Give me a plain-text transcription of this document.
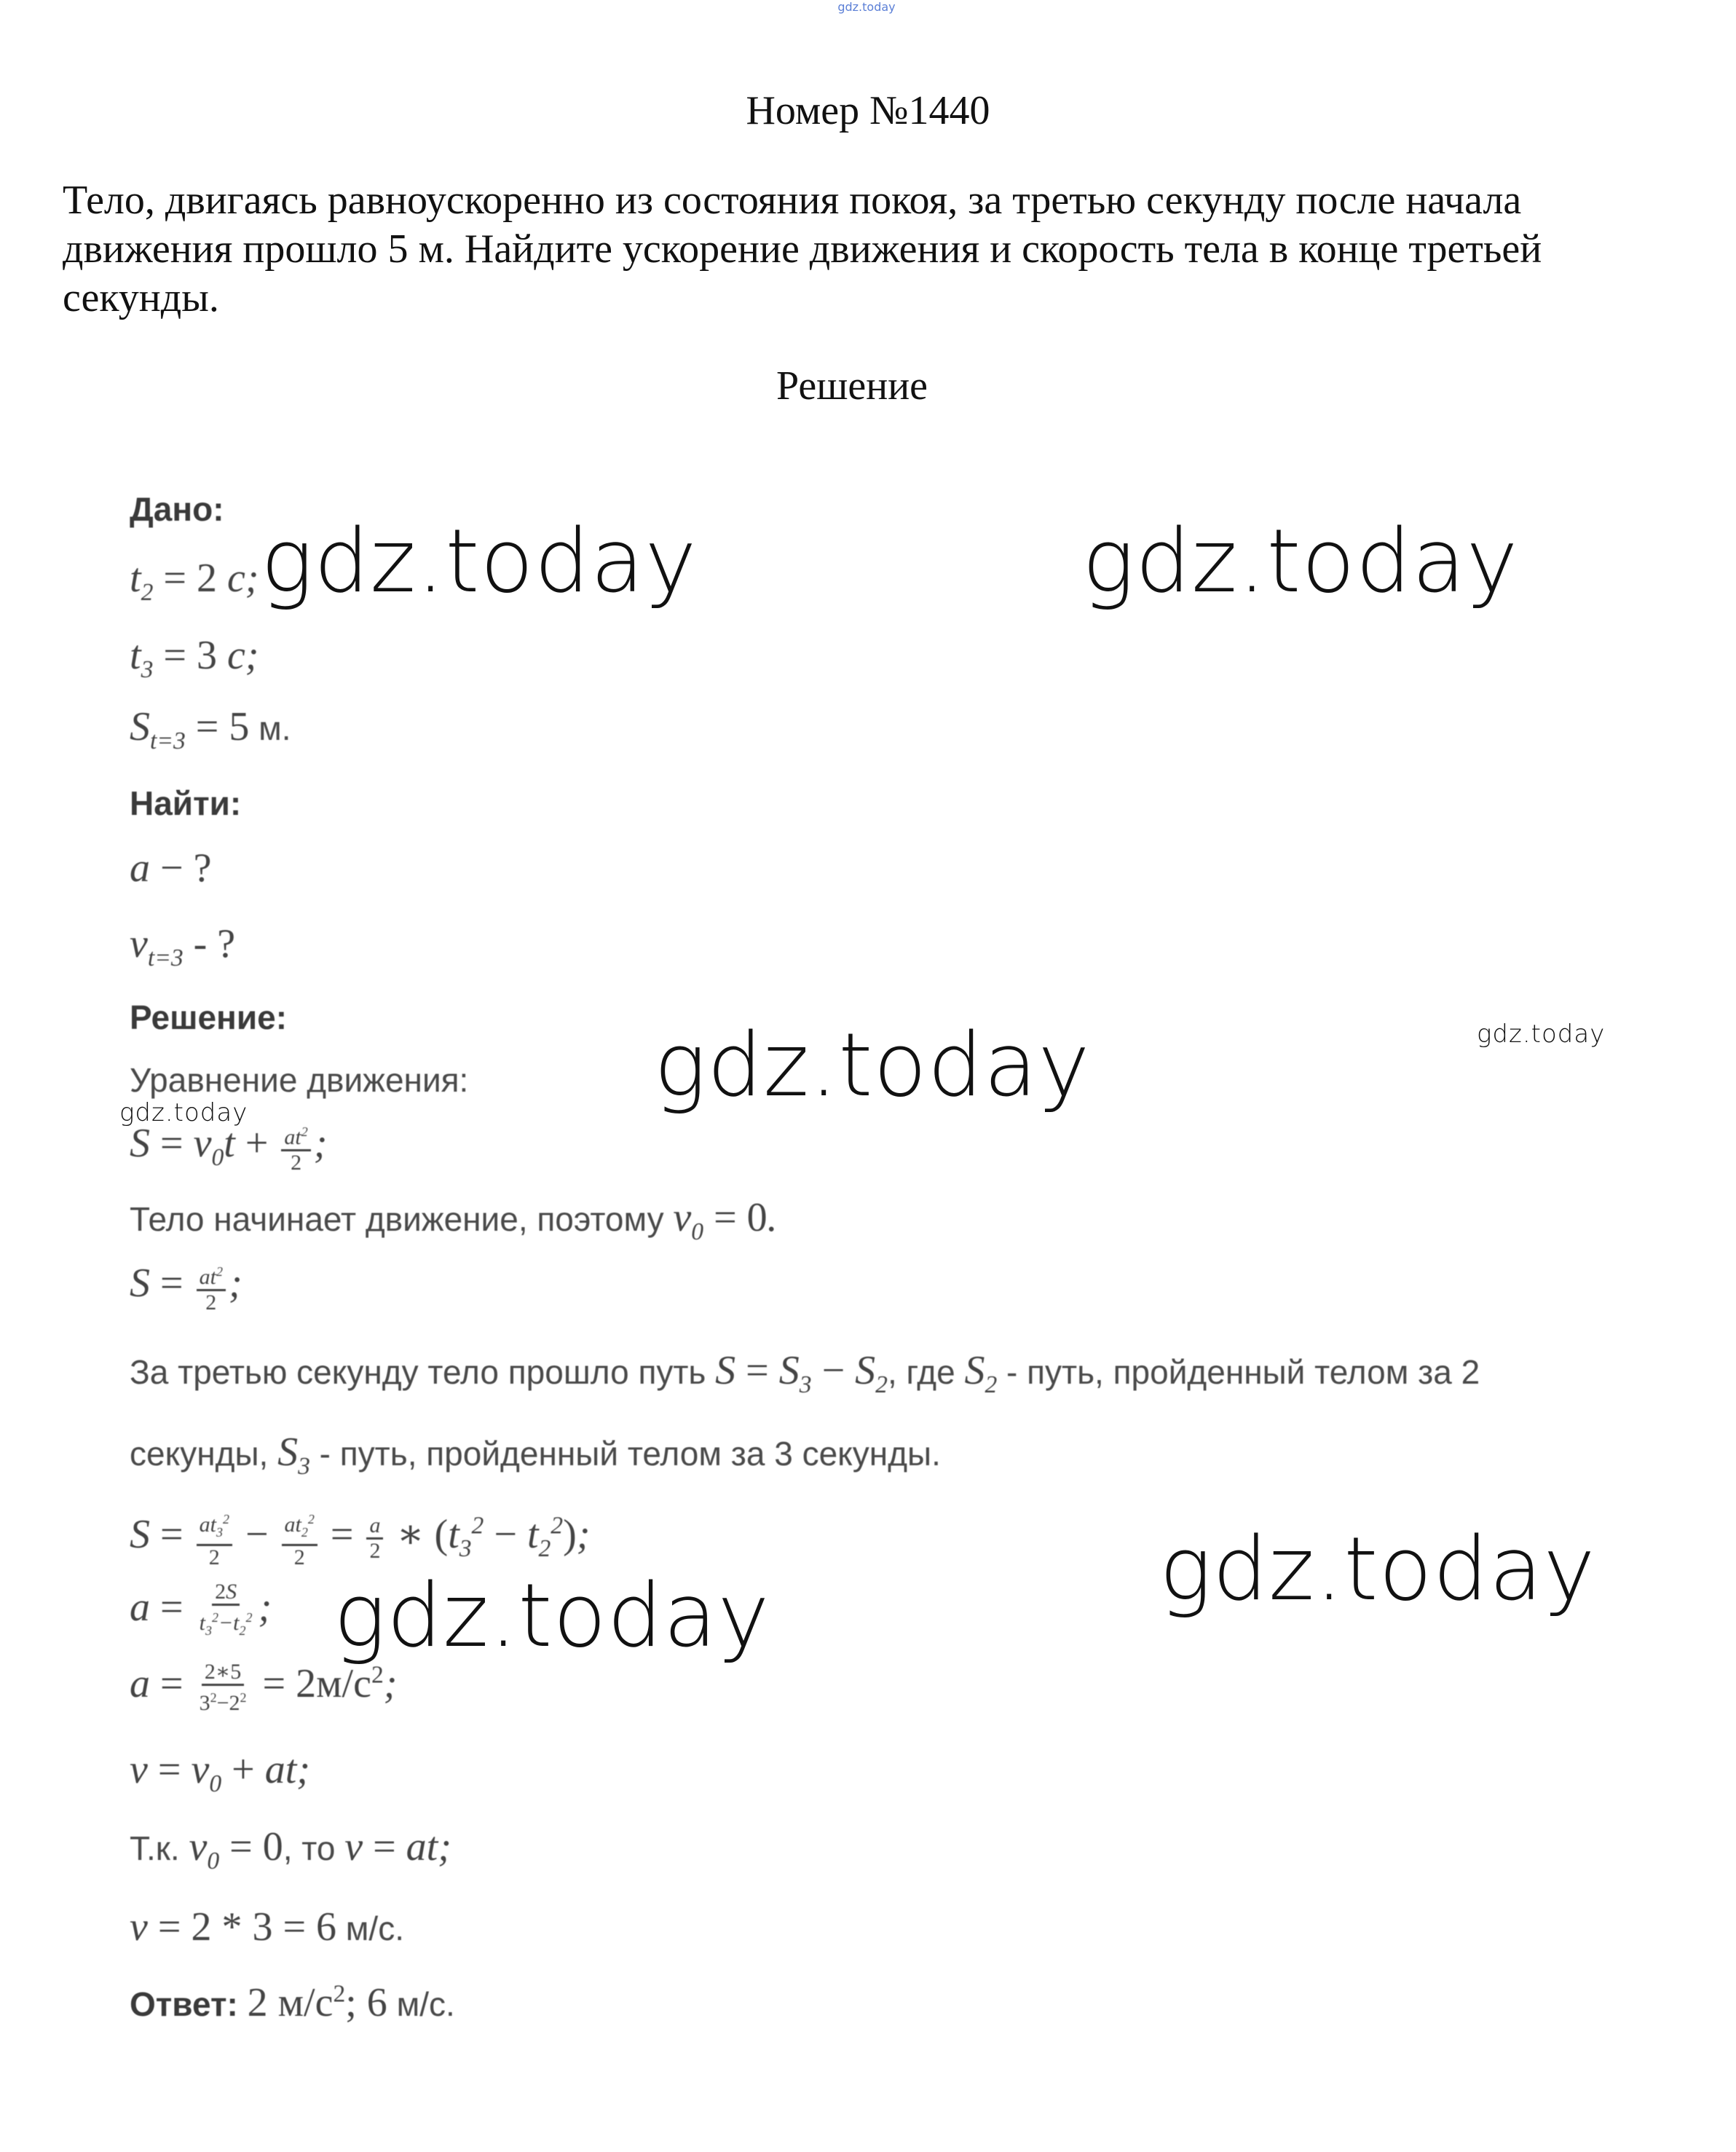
gdz.today
Номер №1440
Тело, двигаясь равноускоренно из состояния покоя, за третью секунду после начала движения прошло 5 м. Найдите ускорение движения и скорость тела в конце третьей секунды.
Решение
Дано:
$t_2 = 2$ с;
$t_3 = 3$ с;
$S_{t=3} = 5$ м.
Найти:
a − ?
$v_{t=3}$ - ?
Решение:
Уравнение движения:
$S = v_0t + \frac{at^2}{2}$ ;
Тело начинает движение, поэтому $v_0 = 0$.
$S = \frac{at^2}{2}$ ;
За третью секунду тело прошло путь $S = S_3 - S_2$, где $S_2$ - путь, пройденный телом за 2
секунды, $S_3$ - путь, пройденный телом за 3 секунды.
$S = \frac{at_3^2}{2} - \frac{at_2^2}{2} = \frac{a}{2}$ ∗ $(t_3^2 - t_2^2)$;
$a = \frac{2S}{t_3^2-t_2^2}$ ;
$a = \frac{2∗5}{3^2-2^2} = 2м/с^2$;
$v = v_0$ + at;
Т.к. $v_0 = 0$, то v = at;
v = 2 * 3 = 6 м/с.
Ответ: 2 $м/с^2$; 6 м/с.
gdz.today	gdz.today
gdz.today	gdz.today
gdz.today
gdz.today
gdz.today
